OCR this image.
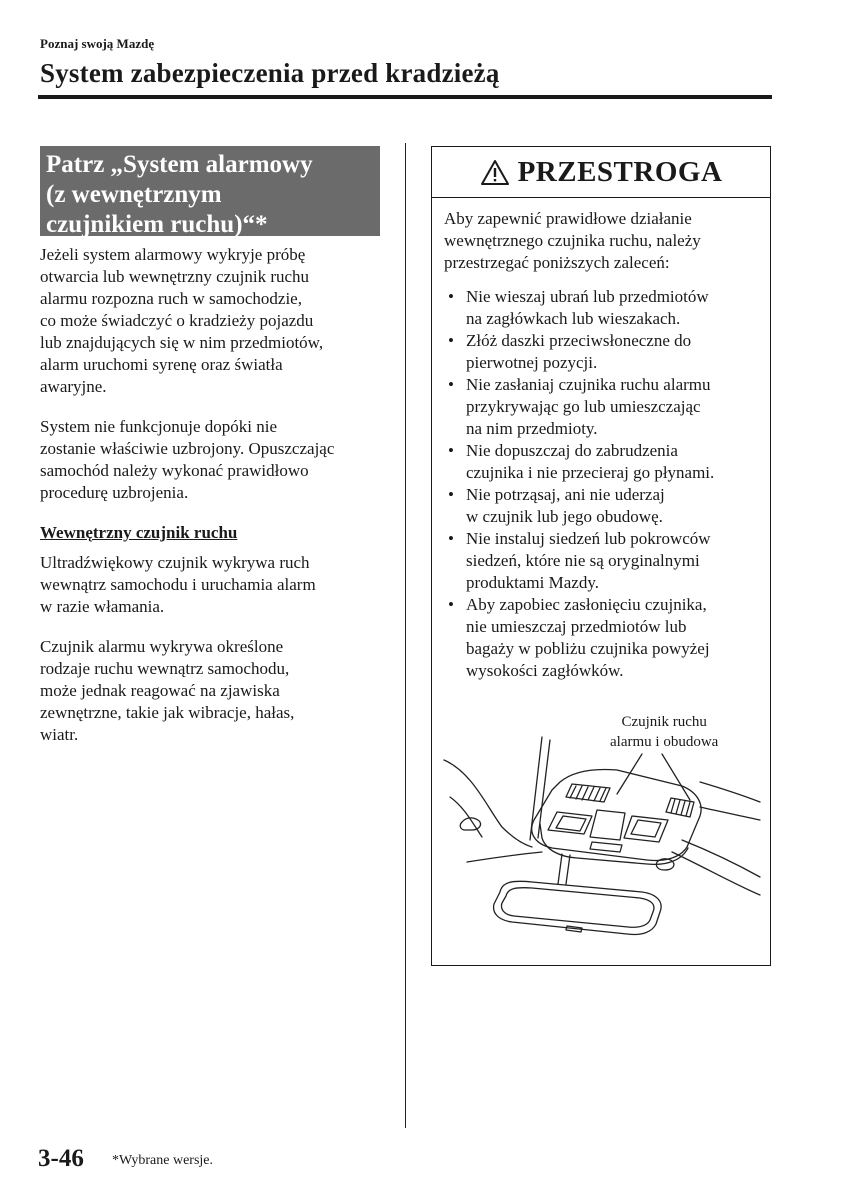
Poznaj swoją Mazdę
System zabezpieczenia przed kradzieżą
Patrz „System alarmowy
(z wewnętrznym
czujnikiem ruchu)“*

Jeżeli system alarmowy wykryje próbę
otwarcia lub wewnętrzny czujnik ruchu
alarmu rozpozna ruch w samochodzie,
co może świadczyć o kradzieży pojazdu
lub znajdujących się w nim przedmiotów,
alarm uruchomi syrenę oraz światła
awaryjne.

System nie funkcjonuje dopóki nie
zostanie właściwie uzbrojony. Opuszczając
samochód należy wykonać prawidłowo
procedurę uzbrojenia.

Wewnętrzny czujnik ruchu

Ultradźwiękowy czujnik wykrywa ruch
wewnątrz samochodu i uruchamia alarm
w razie włamania.

Czujnik alarmu wykrywa określone
rodzaje ruchu wewnątrz samochodu,
może jednak reagować na zjawiska
zewnętrzne, takie jak wibracje, hałas,
wiatr.

PRZESTROGA

Aby zapewnić prawidłowe działanie
wewnętrznego czujnika ruchu, należy
przestrzegać poniższych zaleceń:

• Nie wieszaj ubrań lub przedmiotów
na zagłówkach lub wieszakach.
• Złóż daszki przeciwsłoneczne do
pierwotnej pozycji.
• Nie zasłaniaj czujnika ruchu alarmu
przykrywając go lub umieszczając
na nim przedmioty.
• Nie dopuszczaj do zabrudzenia
czujnika i nie przecieraj go płynami.
• Nie potrząsaj, ani nie uderzaj
w czujnik lub jego obudowę.
• Nie instaluj siedzeń lub pokrowców
siedzeń, które nie są oryginalnymi
produktami Mazdy.
• Aby zapobiec zasłonięciu czujnika,
nie umieszczaj przedmiotów lub
bagaży w pobliżu czujnika powyżej
wysokości zagłówków.
Czujnik ruchu
alarmu i obudowa
3-46 *Wybrane wersje.
